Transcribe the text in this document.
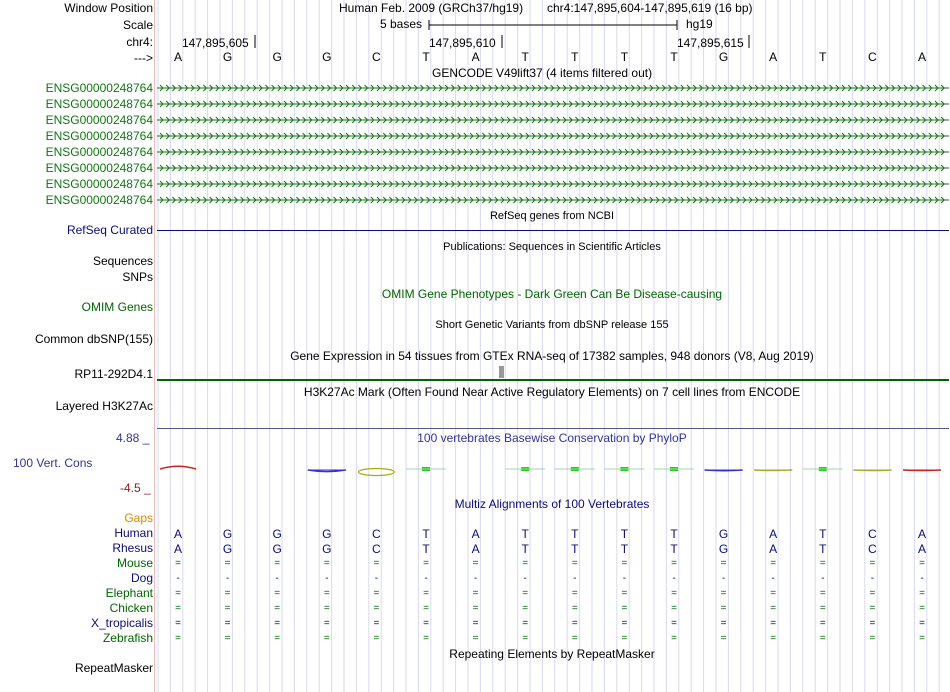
Window Position
Scale
chr4:
--->
Human Feb. 2009 (GRCh37/hg19) chr4:147,895,604-147,895,619 (16 bp)
5 bases	hg19
147,895,605	147,895,610	147,895,615
A	G	G	G	C	T	A	T	T	T	T	G	A	T	C	A
GENCODE V49lift37 (4 items filtered out)
ENSG00000248764
ENSG00000248764
ENSG00000248764
ENSG00000248764
ENSG00000248764
ENSG00000248764
ENSG00000248764
ENSG00000248764
RefSeq genes from NCBI
RefSeq Curated
Publications: Sequences in Scientific Articles
Sequences
SNPs
OMIM Gene Phenotypes - Dark Green Can Be Disease-causing
OMIM Genes
Short Genetic Variants from dbSNP release 155
Common dbSNP(155)
Gene Expression in 54 tissues from GTEx RNA-seq of 17382 samples, 948 donors (V8, Aug 2019)
RP11-292D4.1
H3K27Ac Mark (Often Found Near Active Regulatory Elements) on 7 cell lines from ENCODE
Layered H3K27Ac
100 vertebrates Basewise Conservation by PhyloP
4.88 _
100 Vert. Cons
-4.5 _
Multiz Alignments of 100 Vertebrates
Gaps
Human A	G	G	G	C	T	A	T	T	T	T	G	A	T	C	A
Rhesus A	G	G	G	C	T	A	T	T	T	T	G	A	T	C	A
Mouse	=	=	=	=	=	=	=	=	=	=	=	=	=	=	=	=
Dog	-	-	-	-	-	-	-	-	-	-	-	-	-	-	-	-
Elephant	=	=	=	=	=	=	=	=	=	=	=	=	=	=	=	=
Chicken	=	=	=	=	=	=	=	=	=	=	=	=	=	=	=	=
X_tropicalis	=	=	=	=	=	=	=	=	=	=	=	=	=	=	=	=
Zebrafish	=	=	=	=	=	=	=	=	=	=	=	=	=	=	=	=
Repeating Elements by RepeatMasker
RepeatMasker
